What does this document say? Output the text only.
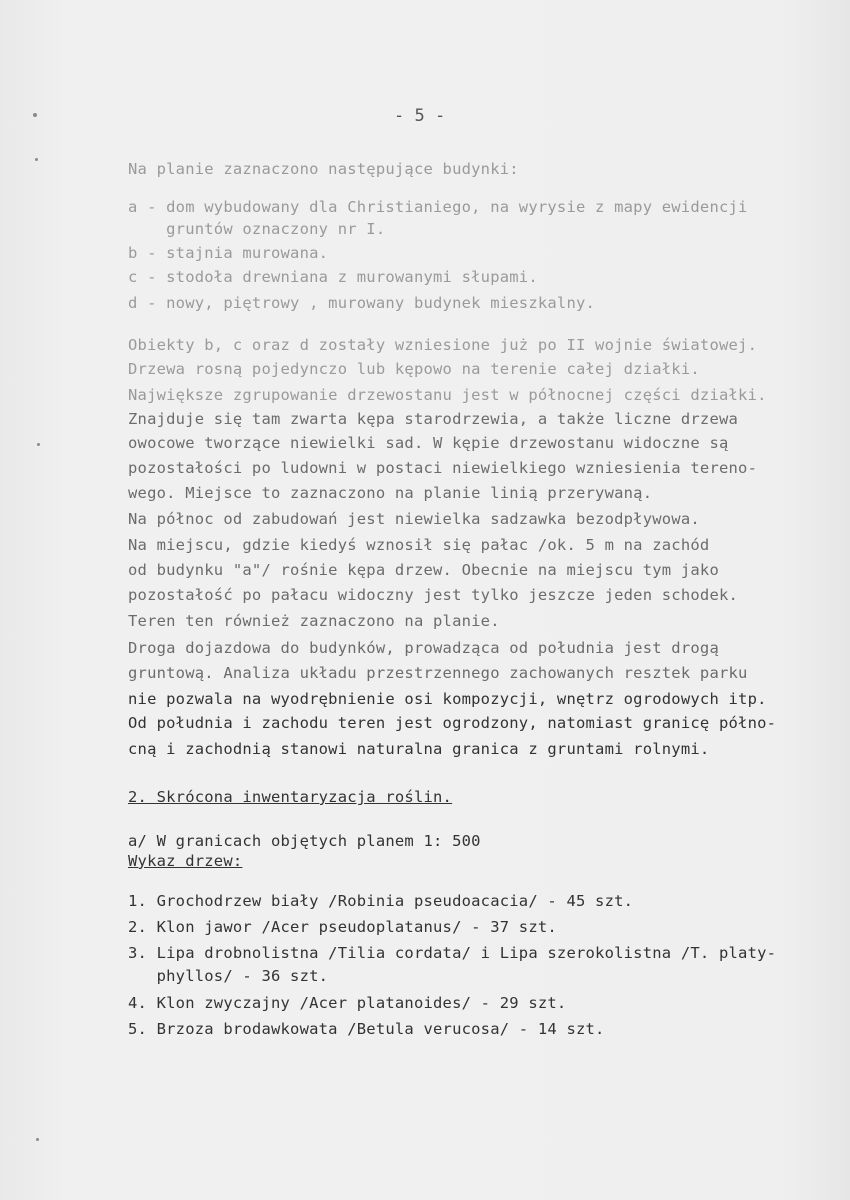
- 5 -
Na planie zaznaczono następujące budynki:
a - dom wybudowany dla Christianiego, na wyrysie z mapy ewidencji
gruntów oznaczony nr I.
b - stajnia murowana.
c - stodoła drewniana z murowanymi słupami.
d - nowy, piętrowy , murowany budynek mieszkalny.
Obiekty b, c oraz d zostały wzniesione już po II wojnie światowej.
Drzewa rosną pojedynczo lub kępowo na terenie całej działki.
Największe zgrupowanie drzewostanu jest w północnej części działki.
Znajduje się tam zwarta kępa starodrzewia, a także liczne drzewa
owocowe tworzące niewielki sad. W kępie drzewostanu widoczne są
pozostałości po ludowni w postaci niewielkiego wzniesienia tereno-
wego. Miejsce to zaznaczono na planie linią przerywaną.
Na północ od zabudowań jest niewielka sadzawka bezodpływowa.
Na miejscu, gdzie kiedyś wznosił się pałac /ok. 5 m na zachód
od budynku "a"/ rośnie kępa drzew. Obecnie na miejscu tym jako
pozostałość po pałacu widoczny jest tylko jeszcze jeden schodek.
Teren ten również zaznaczono na planie.
Droga dojazdowa do budynków, prowadząca od południa jest drogą
gruntową. Analiza układu przestrzennego zachowanych resztek parku
nie pozwala na wyodrębnienie osi kompozycji, wnętrz ogrodowych itp.
Od południa i zachodu teren jest ogrodzony, natomiast granicę półno-
cną i zachodnią stanowi naturalna granica z gruntami rolnymi.
2. Skrócona inwentaryzacja roślin.
a/ W granicach objętych planem 1: 500
Wykaz drzew:
1. Grochodrzew biały /Robinia pseudoacacia/ - 45 szt.
2. Klon jawor /Acer pseudoplatanus/ - 37 szt.
3. Lipa drobnolistna /Tilia cordata/ i Lipa szerokolistna /T. platy-
phyllos/ - 36 szt.
4. Klon zwyczajny /Acer platanoides/ - 29 szt.
5. Brzoza brodawkowata /Betula verucosa/ - 14 szt.
